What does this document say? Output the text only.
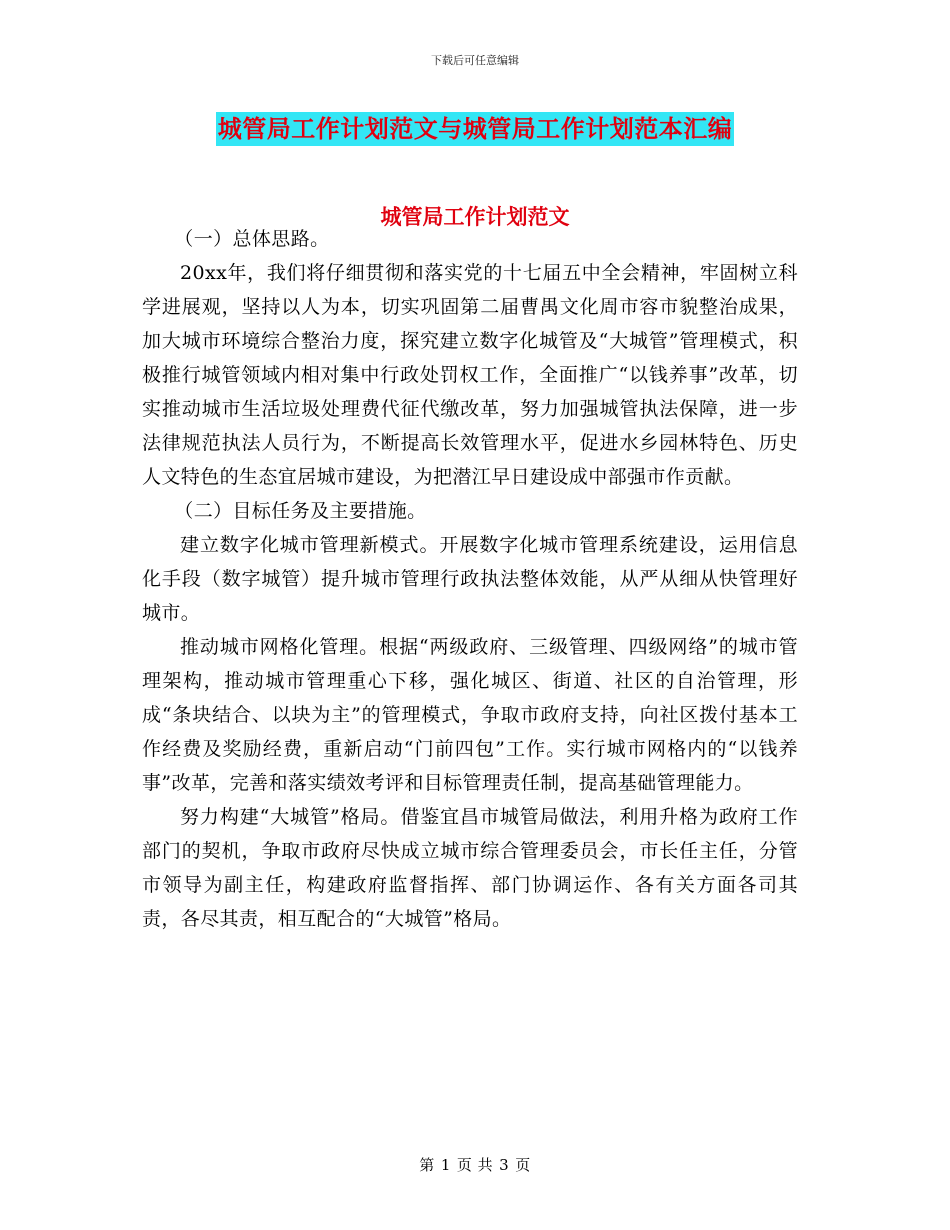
下载后可任意编辑
城管局工作计划范文与城管局工作计划范本汇编
城管局工作计划范文

（一）总体思路。

20xx年，我们将仔细贯彻和落实党的十七届五中全会精神，牢固树立科学进展观，坚持以人为本，切实巩固第二届曹禺文化周市容市貌整治成果，加大城市环境综合整治力度，探究建立数字化城管及“大城管”管理模式，积极推行城管领域内相对集中行政处罚权工作，全面推广“以钱养事”改革，切实推动城市生活垃圾处理费代征代缴改革，努力加强城管执法保障，进一步法律规范执法人员行为，不断提高长效管理水平，促进水乡园林特色、历史人文特色的生态宜居城市建设，为把潜江早日建设成中部强市作贡献。

（二）目标任务及主要措施。

建立数字化城市管理新模式。开展数字化城市管理系统建设，运用信息化手段（数字城管）提升城市管理行政执法整体效能，从严从细从快管理好城市。

推动城市网格化管理。根据“两级政府、三级管理、四级网络”的城市管理架构，推动城市管理重心下移，强化城区、街道、社区的自治管理，形成“条块结合、以块为主”的管理模式，争取市政府支持，向社区拨付基本工作经费及奖励经费，重新启动“门前四包”工作。实行城市网格内的“以钱养事”改革，完善和落实绩效考评和目标管理责任制，提高基础管理能力。

努力构建“大城管”格局。借鉴宜昌市城管局做法，利用升格为政府工作部门的契机，争取市政府尽快成立城市综合管理委员会，市长任主任，分管市领导为副主任，构建政府监督指挥、部门协调运作、各有关方面各司其责，各尽其责，相互配合的“大城管”格局。

第 1 页 共 3 页
